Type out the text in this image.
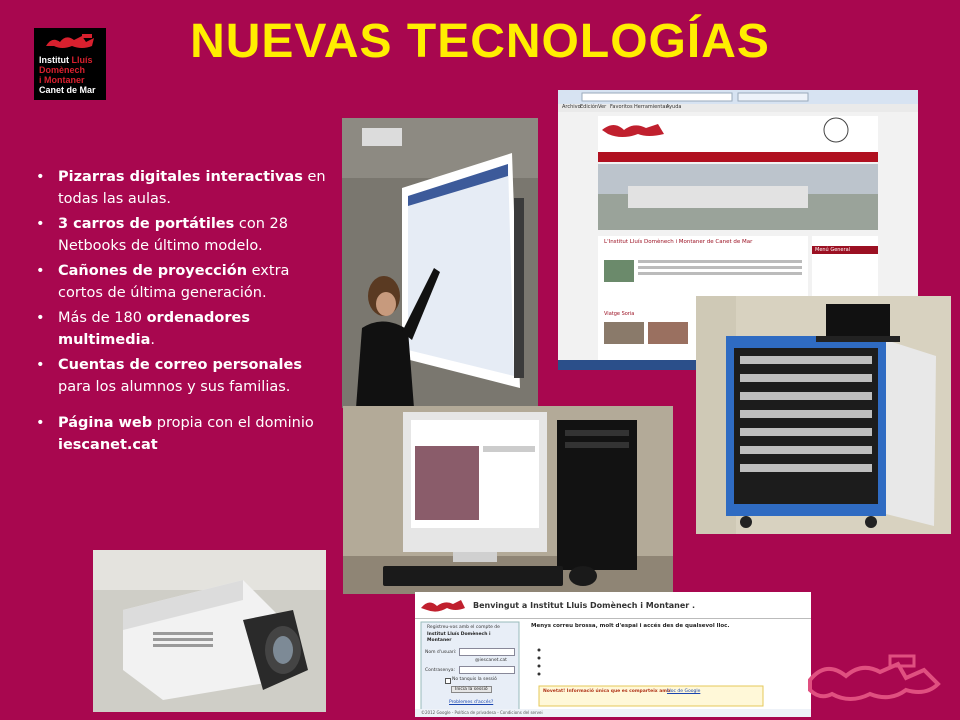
Institut Lluís
Domènech
i Montaner
Canet de Mar
NUEVAS TECNOLOGÍAS
• Pizarras digitales interactivas en todas las aulas.
• 3 carros de portátiles con 28 Netbooks de último modelo.
• Cañones de proyección extra cortos de última generación.
• Más de 180 ordenadores multimedia.
• Cuentas de correo personales para los alumnos y sus familias.
• Página web propia con el dominio iescanet.cat
Archivo Edición Ver Favoritos Herramientas
Ayuda
L'Institut Lluís Domènech i Montaner de Canet de Mar
Menú General
Viatge Soria
Benvingut a Institut Lluis Domènech i Montaner .
Menys correu brossa, molt d'espai i accés des de qualsevol lloc.
Registreu-vos amb el compte de
Institut Lluís Domènech i Montaner
Nom d'usuari:
@iescanet.cat
Contrasenya:
No tanquis la sessió
Inicia la sessió
Problemes d'accés?
Novetat! Informació única que es comparteix amb
Lloc de Google
©2012 Google - Política de privadesa - Condicions del servei
